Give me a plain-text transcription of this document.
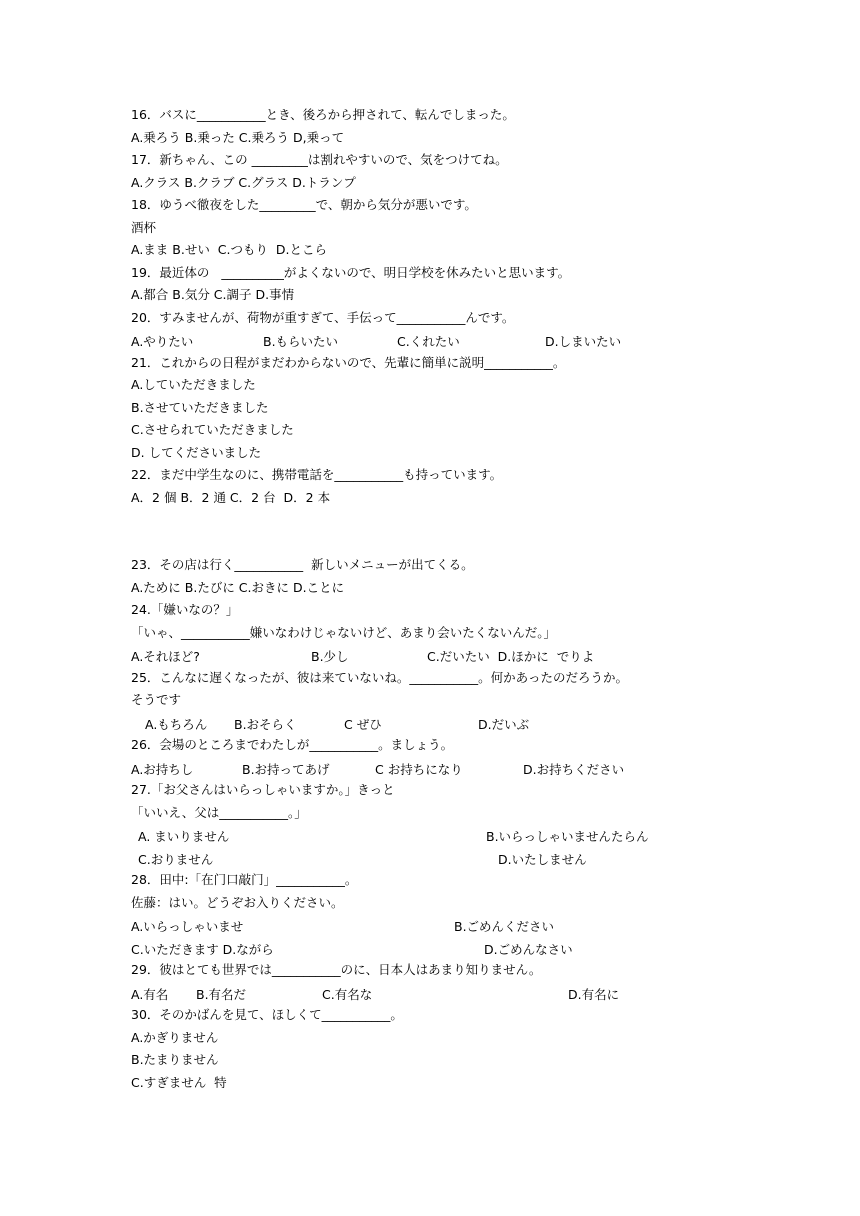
16．バスに___________とき、後ろから押されて、転んでしまった。
A.乗ろう B.乗った C.乗ろう D,乗って
17．新ちゃん、この _________は割れやすいので、気をつけてね。
A.クラス B.クラブ C.グラス D.トランプ
18．ゆうべ徹夜をした_________で、朝から気分が悪いです。
酒杯
A.まま B.せい  C.つもり  D.とこら
19．最近体の   __________がよくないので、明日学校を休みたいと思います。
A.都合 B.気分 C.調子 D.事情
20．すみませんが、荷物が重すぎて、手伝って___________んです。
A.やりたい	B.もらいたい	C.くれたい	D.しまいたい
21．これからの日程がまだわからないので、先輩に簡単に説明___________。
A.していただきました
B.させていただきました
C.させられていただきました
D. してくださいました
22．まだ中学生なのに、携帯電話を___________も持っています。
A．2 個 B．2 通 C．2 台  D．2 本
23．その店は行く___________  新しいメニューが出てくる。
A.ために B.たびに C.おきに D.ことに
24.「嫌いなの？」
「いゃ、___________嫌いなわけじゃないけど、あまり会いたくないんだ。」
A.それほど?	B.少し	C.だいたい  D.ほかに  でりよ
25．こんなに遅くなったが、彼は来ていないね。___________。何かあったのだろうか。
そうです
A.もちろん B.おそらく	C ぜひ	D.だいぶ
26．会場のところまでわたしが___________。ましょう。
A.お持ちし	B.お持ってあげ	C お持ちになり	D.お持ちください
27.「お父さんはいらっしゃいますか。」きっと
「いいえ、父は___________。」
A. まいりません	B.いらっしゃいませんたらん
C.おりません	D.いたしません
28．田中:「在门口敲门」___________。
佐藤：はい。どうぞお入りください。
A.いらっしゃいませ	B.ごめんください
C.いただきます D.ながら	D.ごめんなさい
29．彼はとても世界では___________のに、日本人はあまり知りません。
A.有名 B.有名だ	C.有名な	D.有名に
30．そのかばんを見て、ほしくて___________。
A.かぎりません
B.たまりません
C.すぎません  特
